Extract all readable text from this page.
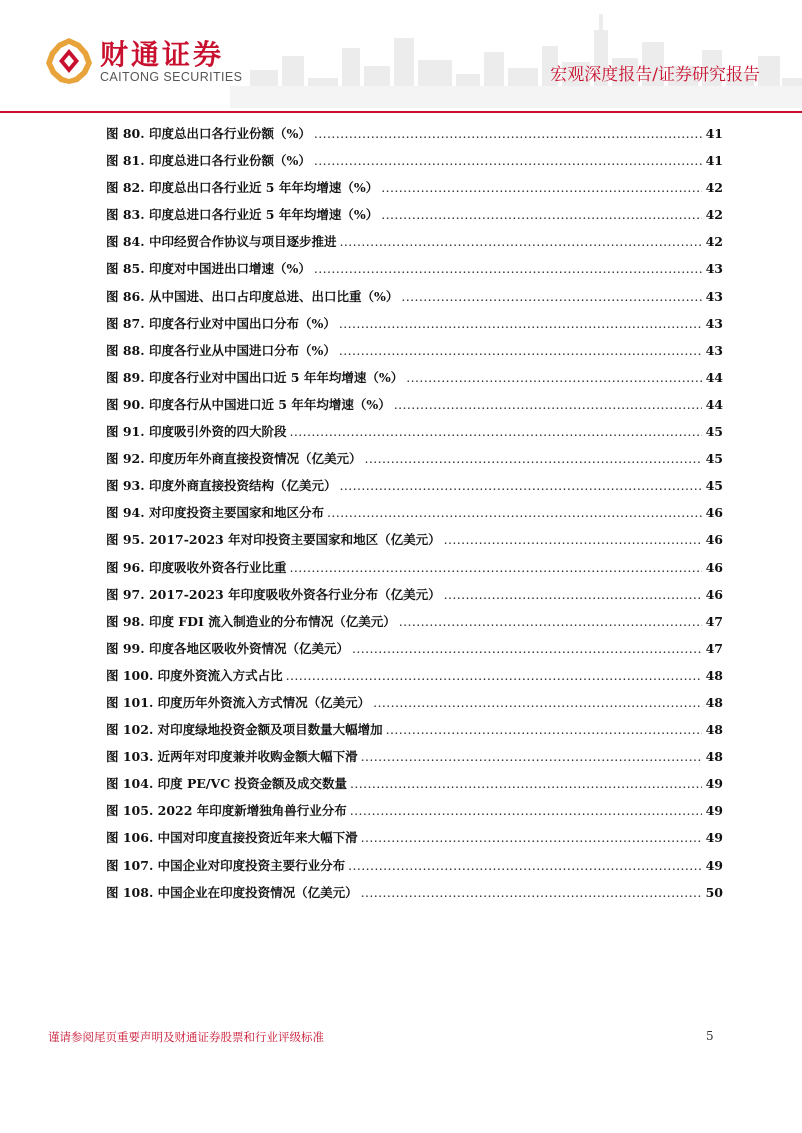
财通证券
CAITONG SECURITIES	宏观深度报告/证券研究报告
图 80. 印度总出口各行业份额（%） .....	41
图 81. 印度总进口各行业份额（%） .....	41
图 82. 印度总出口各行业近 5 年年均增速（%） .....	42
图 83. 印度总进口各行业近 5 年年均增速（%） .....	42
图 84. 中印经贸合作协议与项目逐步推进 .....	42
图 85. 印度对中国进出口增速（%） .....	43
图 86. 从中国进、出口占印度总进、出口比重（%） .....	43
图 87. 印度各行业对中国出口分布（%） .....	43
图 88. 印度各行业从中国进口分布（%） .....	43
图 89. 印度各行业对中国出口近 5 年年均增速（%） .....	44
图 90. 印度各行从中国进口近 5 年年均增速（%） .....	44
图 91. 印度吸引外资的四大阶段 .....	45
图 92. 印度历年外商直接投资情况（亿美元） .....	45
图 93. 印度外商直接投资结构（亿美元） .....	45
图 94. 对印度投资主要国家和地区分布 .....	46
图 95. 2017-2023 年对印投资主要国家和地区（亿美元） .....	46
图 96. 印度吸收外资各行业比重 .....	46
图 97. 2017-2023 年印度吸收外资各行业分布（亿美元） .....	46
图 98. 印度 FDI 流入制造业的分布情况（亿美元） .....	47
图 99. 印度各地区吸收外资情况（亿美元） .....	47
图 100. 印度外资流入方式占比 .....	48
图 101. 印度历年外资流入方式情况（亿美元） .....	48
图 102. 对印度绿地投资金额及项目数量大幅增加 .....	48
图 103. 近两年对印度兼并收购金额大幅下滑 .....	48
图 104. 印度 PE/VC 投资金额及成交数量 .....	49
图 105. 2022 年印度新增独角兽行业分布 .....	49
图 106. 中国对印度直接投资近年来大幅下滑 .....	49
图 107. 中国企业对印度投资主要行业分布 .....	49
图 108. 中国企业在印度投资情况（亿美元） .....	50
谨请参阅尾页重要声明及财通证券股票和行业评级标准	5
